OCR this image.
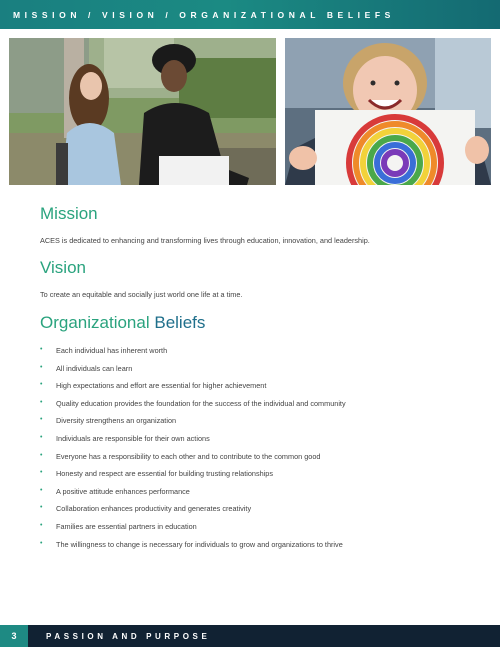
MISSION / VISION / ORGANIZATIONAL BELIEFS
Mission

ACES is dedicated to enhancing and transforming lives through education, innovation, and leadership.

Vision

To create an equitable and socially just world one life at a time.

Organizational Beliefs
•	Each individual has inherent worth
•	All individuals can learn
•	High expectations and effort are essential for higher achievement
•	Quality education provides the foundation for the success of the individual and community
•	Diversity strengthens an organization
•	Individuals are responsible for their own actions
•	Everyone has a responsibility to each other and to contribute to the common good
•	Honesty and respect are essential for building trusting relationships
•	A positive attitude enhances performance
•	Collaboration enhances productivity and generates creativity
•	Families are essential partners in education
•	The willingness to change is necessary for individuals to grow and organizations to thrive
3	PASSION AND PURPOSE
